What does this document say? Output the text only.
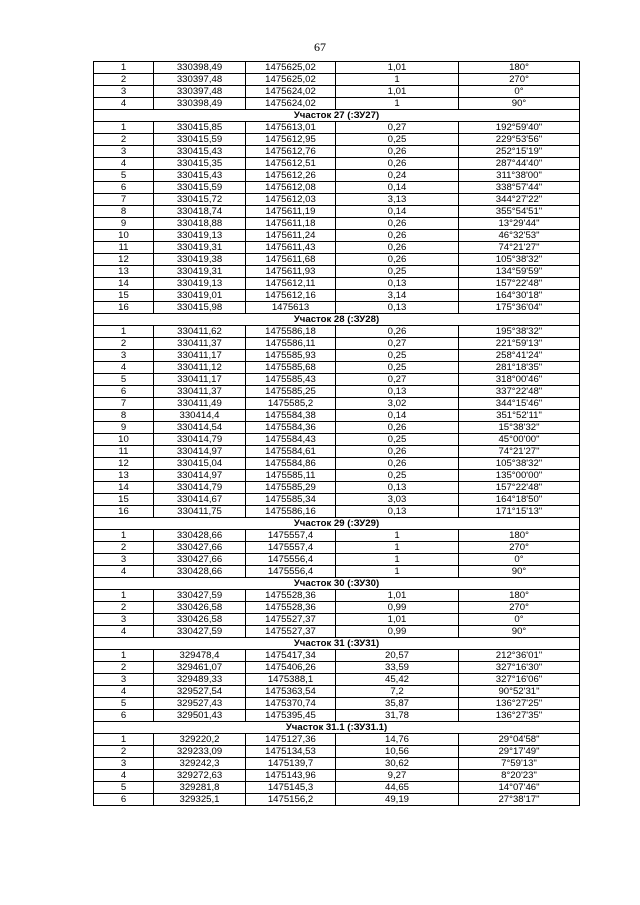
67
1	330398,49	1475625,02	1,01	180°
2	330397,48	1475625,02	1	270°
3	330397,48	1475624,02	1,01	0°
4	330398,49	1475624,02	1	90°
Участок 27 (:ЗУ27)				
1	330415,85	1475613,01	0,27	192°59'40"
2	330415,59	1475612,95	0,25	229°53'56"
3	330415,43	1475612,76	0,26	252°15'19"
4	330415,35	1475612,51	0,26	287°44'40"
5	330415,43	1475612,26	0,24	311°38'00"
6	330415,59	1475612,08	0,14	338°57'44"
7	330415,72	1475612,03	3,13	344°27'22"
8	330418,74	1475611,19	0,14	355°54'51"
9	330418,88	1475611,18	0,26	13°29'44"
10	330419,13	1475611,24	0,26	46°32'53"
11	330419,31	1475611,43	0,26	74°21'27"
12	330419,38	1475611,68	0,26	105°38'32"
13	330419,31	1475611,93	0,25	134°59'59"
14	330419,13	1475612,11	0,13	157°22'48"
15	330419,01	1475612,16	3,14	164°30'18"
16	330415,98	1475613	0,13	175°36'04"
Участок 28 (:ЗУ28)				
1	330411,62	1475586,18	0,26	195°38'32"
2	330411,37	1475586,11	0,27	221°59'13"
3	330411,17	1475585,93	0,25	258°41'24"
4	330411,12	1475585,68	0,25	281°18'35"
5	330411,17	1475585,43	0,27	318°00'46"
6	330411,37	1475585,25	0,13	337°22'48"
7	330411,49	1475585,2	3,02	344°15'46"
8	330414,4	1475584,38	0,14	351°52'11"
9	330414,54	1475584,36	0,26	15°38'32"
10	330414,79	1475584,43	0,25	45°00'00"
11	330414,97	1475584,61	0,26	74°21'27"
12	330415,04	1475584,86	0,26	105°38'32"
13	330414,97	1475585,11	0,25	135°00'00"
14	330414,79	1475585,29	0,13	157°22'48"
15	330414,67	1475585,34	3,03	164°18'50"
16	330411,75	1475586,16	0,13	171°15'13"
Участок 29 (:ЗУ29)				
1	330428,66	1475557,4	1	180°
2	330427,66	1475557,4	1	270°
3	330427,66	1475556,4	1	0°
4	330428,66	1475556,4	1	90°
Участок 30 (:ЗУ30)				
1	330427,59	1475528,36	1,01	180°
2	330426,58	1475528,36	0,99	270°
3	330426,58	1475527,37	1,01	0°
4	330427,59	1475527,37	0,99	90°
Участок 31 (:ЗУ31)				
1	329478,4	1475417,34	20,57	212°36'01"
2	329461,07	1475406,26	33,59	327°16'30"
3	329489,33	1475388,1	45,42	327°16'06"
4	329527,54	1475363,54	7,2	90°52'31"
5	329527,43	1475370,74	35,87	136°27'25"
6	329501,43	1475395,45	31,78	136°27'35"
Участок 31.1 (:ЗУ31.1)				
1	329220,2	1475127,36	14,76	29°04'58"
2	329233,09	1475134,53	10,56	29°17'49"
3	329242,3	1475139,7	30,62	7°59'13"
4	329272,63	1475143,96	9,27	8°20'23"
5	329281,8	1475145,3	44,65	14°07'46"
6	329325,1	1475156,2	49,19	27°38'17"
